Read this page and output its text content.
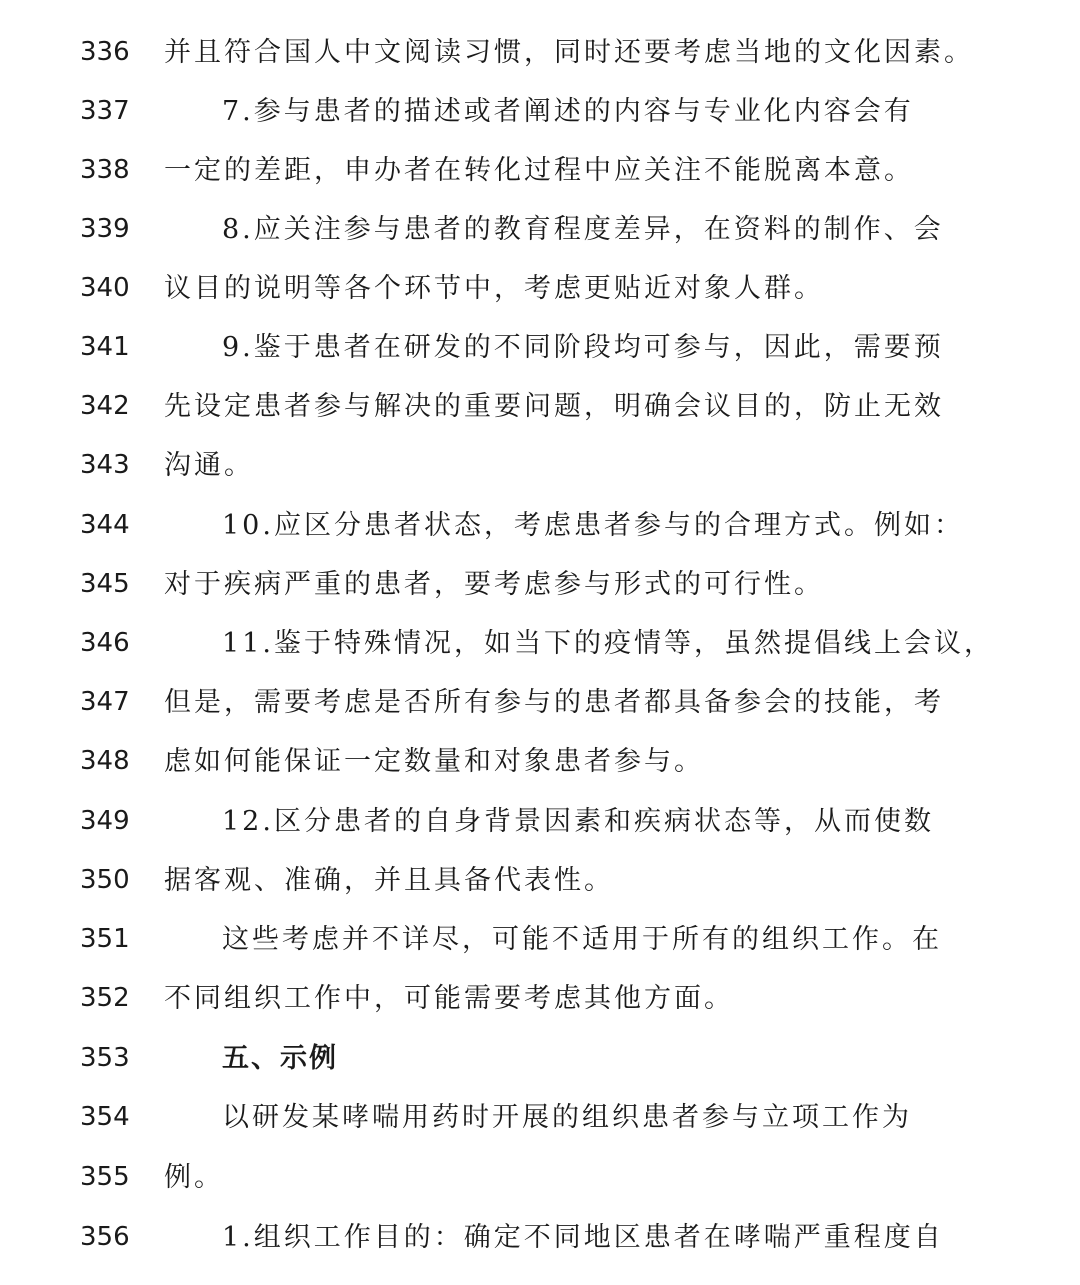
336	并且符合国人中文阅读习惯，同时还要考虑当地的文化因素。
337	7.参与患者的描述或者阐述的内容与专业化内容会有
338	一定的差距，申办者在转化过程中应关注不能脱离本意。
339	8.应关注参与患者的教育程度差异，在资料的制作、会
340	议目的说明等各个环节中，考虑更贴近对象人群。
341	9.鉴于患者在研发的不同阶段均可参与，因此，需要预
342	先设定患者参与解决的重要问题，明确会议目的，防止无效
343	沟通。
344	10.应区分患者状态，考虑患者参与的合理方式。例如：
345	对于疾病严重的患者，要考虑参与形式的可行性。
346	11.鉴于特殊情况，如当下的疫情等，虽然提倡线上会议，
347	但是，需要考虑是否所有参与的患者都具备参会的技能，考
348	虑如何能保证一定数量和对象患者参与。
349	12.区分患者的自身背景因素和疾病状态等，从而使数
350	据客观、准确，并且具备代表性。
351	这些考虑并不详尽，可能不适用于所有的组织工作。在
352	不同组织工作中，可能需要考虑其他方面。
353	五、示例
354	以研发某哮喘用药时开展的组织患者参与立项工作为
355	例。
356	1.组织工作目的：确定不同地区患者在哮喘严重程度自
